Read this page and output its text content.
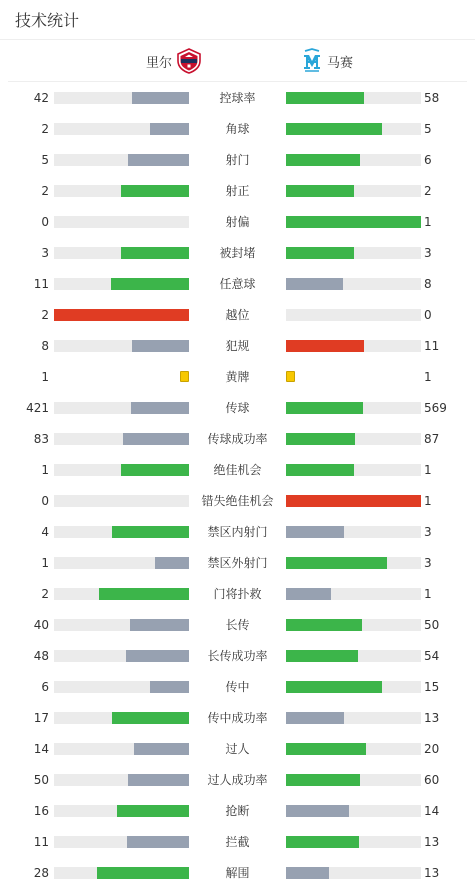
技术统计
里尔	马赛
42	控球率	58
2	角球	5
5	射门	6
2	射正	2
0	射偏	1
3	被封堵	3
11	任意球	8
2	越位	0
8	犯规	11
1	黄牌	1
421	传球	569
83	传球成功率	87
1	绝佳机会	1
0	错失绝佳机会	1
4	禁区内射门	3
1	禁区外射门	3
2	门将扑救	1
40	长传	50
48	长传成功率	54
6	传中	15
17	传中成功率	13
14	过人	20
50	过人成功率	60
16	抢断	14
11	拦截	13
28	解围	13
